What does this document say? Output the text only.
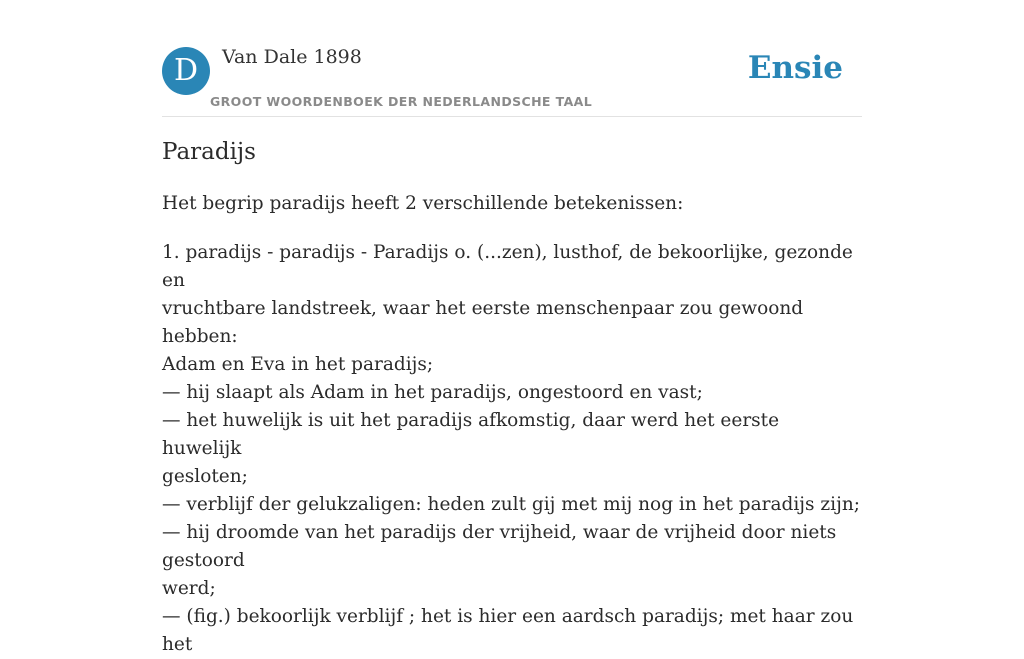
D	Van Dale 1898
GROOT WOORDENBOEK DER NEDERLANDSCHE TAAL
Ensie
Paradijs

Het begrip paradijs heeft 2 verschillende betekenissen:

1. paradijs - paradijs - Paradijs o. (...zen), lusthof, de bekoorlijke, gezonde en
vruchtbare landstreek, waar het eerste menschenpaar zou gewoond hebben:
Adam en Eva in het paradijs;
— hij slaapt als Adam in het paradijs, ongestoord en vast;
— het huwelijk is uit het paradijs afkomstig, daar werd het eerste huwelijk
gesloten;
— verblijf der gelukzaligen: heden zult gij met mij nog in het paradijs zijn;
— hij droomde van het paradijs der vrijheid, waar de vrijheid door niets gestoord
werd;
— (fig.) bekoorlijk verblijf ; het is hier een aardsch paradijs; met haar zou het
